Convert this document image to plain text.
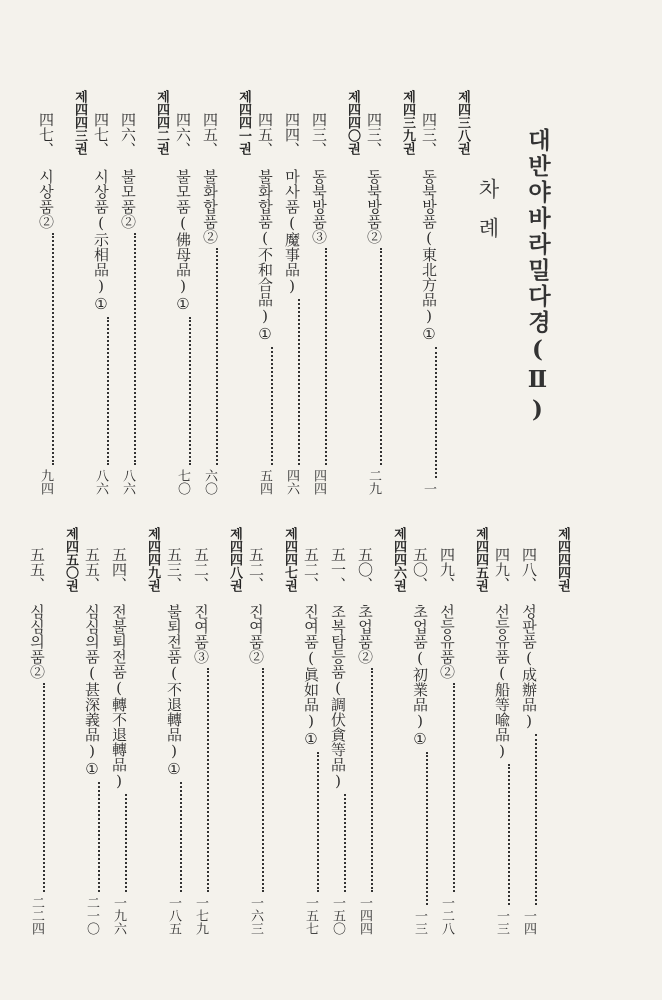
대반야바라밀다경(Ⅱ)
차례
제四三八권
四三、
동북방품(東北方品)①
一
제四三九권
四三、
동북방품②
二九
제四四〇권
四三、
동북방품③
四四
四四、
마사품(魔事品)
四六
四五、
불화합품(不和合品)①
五四
제四四一권
四五、
불화합품②
六〇
四六、
불모품(佛母品)①
七〇
제四四二권
四六、
불모품②
八六
四七、
시상품(示相品)①
八六
제四四三권
四七、
시상품②
九四
제四四四권
四八、
성판품(成辦品)
一四
四九、
선등유품(船等喩品)
一三
제四四五권
四九、
선등유품②
一二八
五〇、
초업품(初業品)①
一三
제四四六권
五〇、
초업품②
一四四
五一、
조복탐등품(調伏貪等品)
一五〇
五二、
진여품(眞如品)①
一五七
제四四七권
五二、
진여품②
一六三
제四四八권
五二、
진여품③
一七九
五三、
불퇴전품(不退轉品)①
一八五
제四四九권
五四、
전불퇴전품(轉不退轉品)
一九六
五五、
심심의품(甚深義品)①
二一〇
제四五〇권
五五、
심심의품②
二二四
